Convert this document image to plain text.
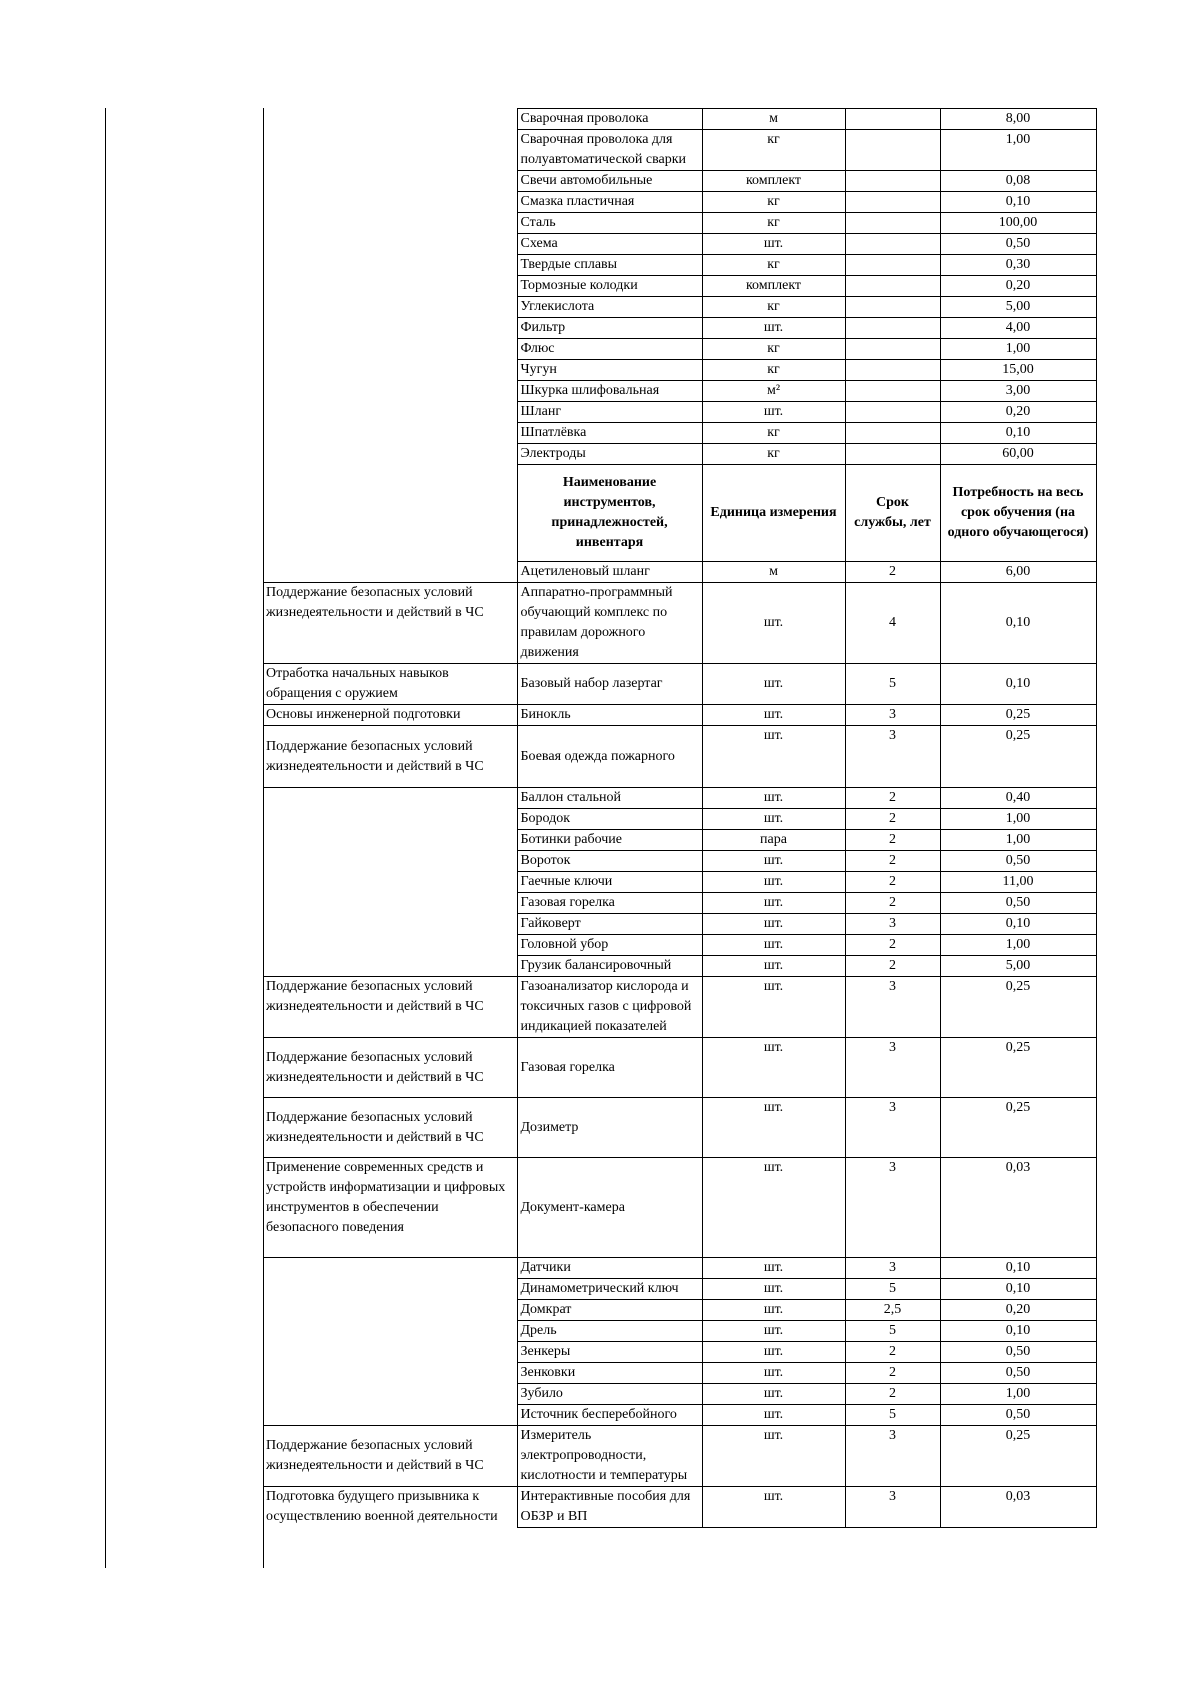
	Сварочная проволока	м		8,00
	Сварочная проволока для полуавтоматической сварки	кг		1,00
	Свечи автомобильные	комплект		0,08
	Смазка пластичная	кг		0,10
	Сталь	кг		100,00
	Схема	шт.		0,50
	Твердые сплавы	кг		0,30
	Тормозные колодки	комплект		0,20
	Углекислота	кг		5,00
	Фильтр	шт.		4,00
	Флюс	кг		1,00
	Чугун	кг		15,00
	Шкурка шлифовальная	м²		3,00
	Шланг	шт.		0,20
	Шпатлёвка	кг		0,10
	Электроды	кг		60,00
	Наименование инструментов, принадлежностей, инвентаря	Единица измерения	Срок службы, лет	Потребность на весь срок обучения (на одного обучающегося)
	Ацетиленовый шланг	м	2	6,00
Поддержание безопасных условий жизнедеятельности и действий в ЧС	Аппаратно-программный обучающий комплекс по правилам дорожного движения	шт.	4	0,10
Отработка начальных навыков обращения с оружием	Базовый набор лазертаг	шт.	5	0,10
Основы инженерной подготовки	Бинокль	шт.	3	0,25
Поддержание безопасных условий жизнедеятельности и действий в ЧС	Боевая одежда пожарного	шт.	3	0,25
	Баллон стальной	шт.	2	0,40
	Бородок	шт.	2	1,00
	Ботинки рабочие	пара	2	1,00
	Вороток	шт.	2	0,50
	Гаечные ключи	шт.	2	11,00
	Газовая горелка	шт.	2	0,50
	Гайковерт	шт.	3	0,10
	Головной убор	шт.	2	1,00
	Грузик балансировочный	шт.	2	5,00
Поддержание безопасных условий жизнедеятельности и действий в ЧС	Газоанализатор кислорода и токсичных газов с цифровой индикацией показателей	шт.	3	0,25
Поддержание безопасных условий жизнедеятельности и действий в ЧС	Газовая горелка	шт.	3	0,25
Поддержание безопасных условий жизнедеятельности и действий в ЧС	Дозиметр	шт.	3	0,25
Применение современных средств и устройств информатизации и цифровых инструментов в обеспечении безопасного поведения	Документ-камера	шт.	3	0,03
	Датчики	шт.	3	0,10
	Динамометрический ключ	шт.	5	0,10
	Домкрат	шт.	2,5	0,20
	Дрель	шт.	5	0,10
	Зенкеры	шт.	2	0,50
	Зенковки	шт.	2	0,50
	Зубило	шт.	2	1,00
	Источник бесперебойного	шт.	5	0,50
Поддержание безопасных условий жизнедеятельности и действий в ЧС	Измеритель электропроводности, кислотности и температуры	шт.	3	0,25
Подготовка будущего призывника к осуществлению военной деятельности	Интерактивные пособия для ОБЗР и ВП	шт.	3	0,03
